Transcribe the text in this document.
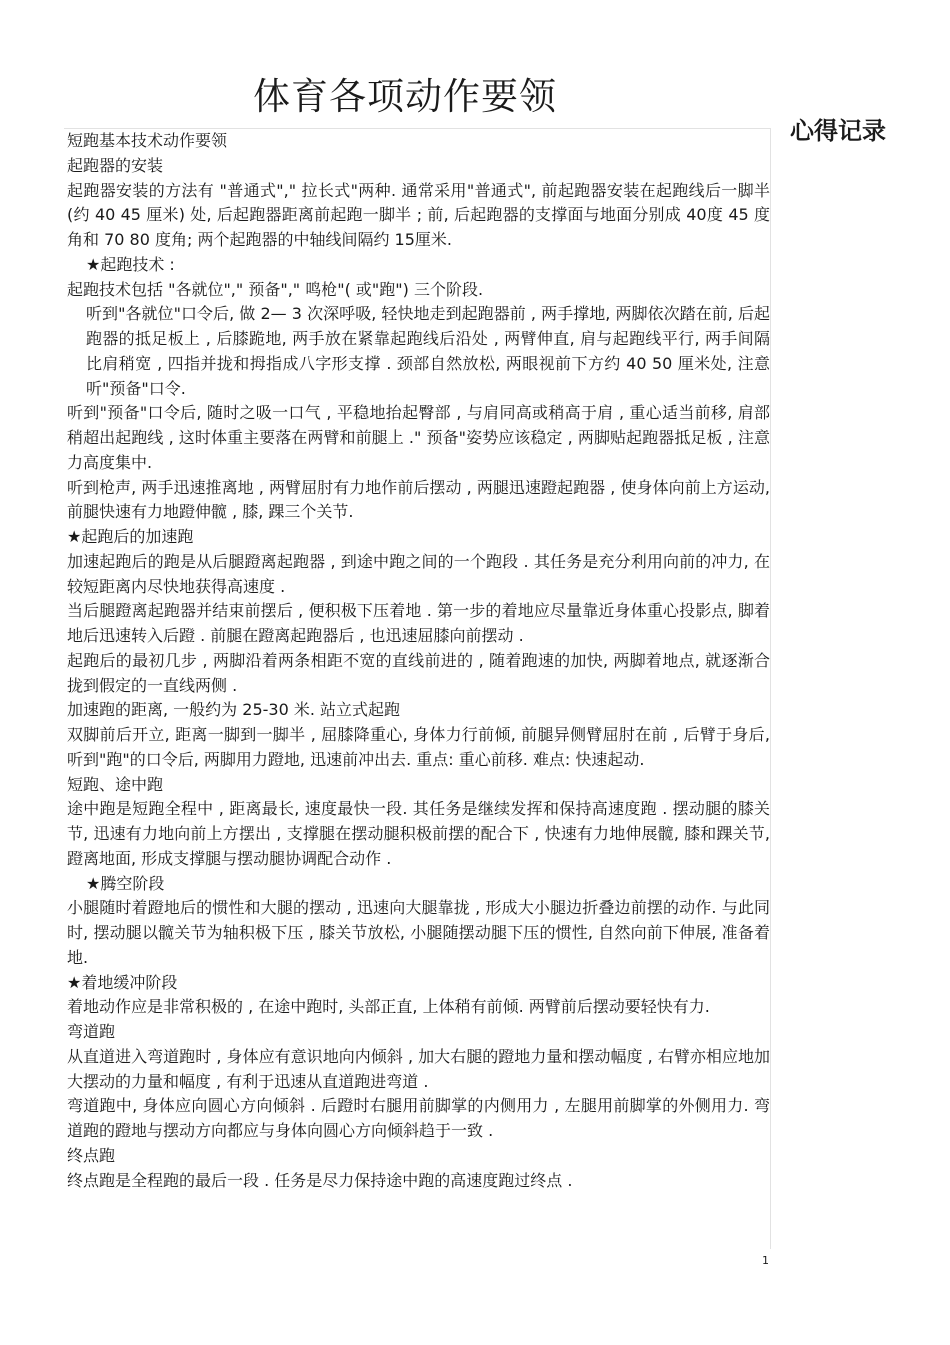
体育各项动作要领
心得记录

短跑基本技术动作要领

起跑器的安装

起跑器安装的方法有 "普通式"," 拉长式"两种. 通常采用"普通式", 前起跑器安装在起跑线后一脚半 (约 40 45 厘米) 处, 后起跑器距离前起跑一脚半 ; 前, 后起跑器的支撑面与地面分别成 40度 45 度角和 70 80 度角; 两个起跑器的中轴线间隔约 15厘米.

★起跑技术 :

起跑技术包括 "各就位"," 预备"," 鸣枪"( 或"跑") 三个阶段.

听到"各就位"口令后, 做 2— 3 次深呼吸, 轻快地走到起跑器前 , 两手撑地, 两脚依次踏在前, 后起跑器的抵足板上 , 后膝跪地, 两手放在紧靠起跑线后沿处 , 两臂伸直, 肩与起跑线平行, 两手间隔比肩稍宽 , 四指并拢和拇指成八字形支撑 . 颈部自然放松, 两眼视前下方约 40 50 厘米处, 注意听"预备"口令.

听到"预备"口令后, 随时之吸一口气 , 平稳地抬起臀部 , 与肩同高或稍高于肩 , 重心适当前移, 肩部稍超出起跑线 , 这时体重主要落在两臂和前腿上 ." 预备"姿势应该稳定 , 两脚贴起跑器抵足板 , 注意力高度集中.

听到枪声, 两手迅速推离地 , 两臂屈肘有力地作前后摆动 , 两腿迅速蹬起跑器 , 使身体向前上方运动, 前腿快速有力地蹬伸髋 , 膝, 踝三个关节.

★起跑后的加速跑

加速起跑后的跑是从后腿蹬离起跑器 , 到途中跑之间的一个跑段 . 其任务是充分利用向前的冲力, 在较短距离内尽快地获得高速度 .

当后腿蹬离起跑器并结束前摆后 , 便积极下压着地 . 第一步的着地应尽量靠近身体重心投影点, 脚着地后迅速转入后蹬 . 前腿在蹬离起跑器后 , 也迅速屈膝向前摆动 .

起跑后的最初几步 , 两脚沿着两条相距不宽的直线前进的 , 随着跑速的加快, 两脚着地点, 就逐渐合拢到假定的一直线两侧 .

加速跑的距离, 一般约为 25-30 米. 站立式起跑

双脚前后开立, 距离一脚到一脚半 , 屈膝降重心, 身体力行前倾, 前腿异侧臂屈肘在前 , 后臂于身后, 听到"跑"的口令后, 两脚用力蹬地, 迅速前冲出去. 重点: 重心前移. 难点: 快速起动.

短跑、途中跑

途中跑是短跑全程中 , 距离最长, 速度最快一段. 其任务是继续发挥和保持高速度跑 . 摆动腿的膝关节, 迅速有力地向前上方摆出 , 支撑腿在摆动腿积极前摆的配合下 , 快速有力地伸展髋, 膝和踝关节, 蹬离地面, 形成支撑腿与摆动腿协调配合动作 .

★腾空阶段

小腿随时着蹬地后的惯性和大腿的摆动 , 迅速向大腿靠拢 , 形成大小腿边折叠边前摆的动作. 与此同时, 摆动腿以髋关节为轴积极下压 , 膝关节放松, 小腿随摆动腿下压的惯性, 自然向前下伸展, 准备着地.

★着地缓冲阶段

着地动作应是非常积极的 , 在途中跑时, 头部正直, 上体稍有前倾. 两臂前后摆动要轻快有力.

弯道跑

从直道进入弯道跑时 , 身体应有意识地向内倾斜 , 加大右腿的蹬地力量和摆动幅度 , 右臂亦相应地加大摆动的力量和幅度 , 有利于迅速从直道跑进弯道 .

弯道跑中, 身体应向圆心方向倾斜 . 后蹬时右腿用前脚掌的内侧用力 , 左腿用前脚掌的外侧用力. 弯道跑的蹬地与摆动方向都应与身体向圆心方向倾斜趋于一致 .

终点跑

终点跑是全程跑的最后一段 . 任务是尽力保持途中跑的高速度跑过终点 .

1
